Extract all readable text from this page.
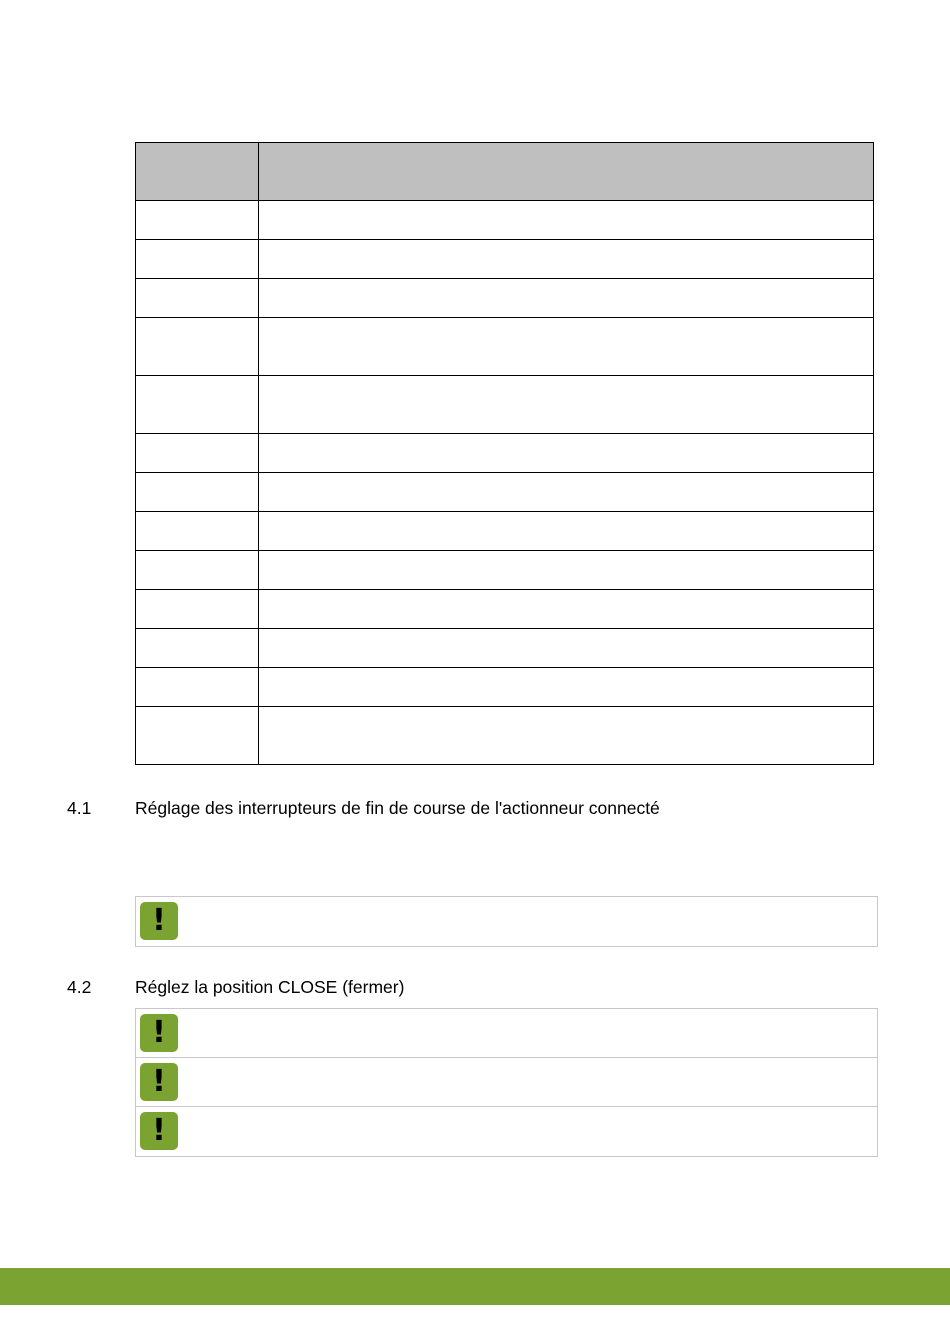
4.1 Réglage des interrupteurs de fin de course de l'actionneur connecté
!
4.2 Réglez la position CLOSE (fermer)
!
!
!
